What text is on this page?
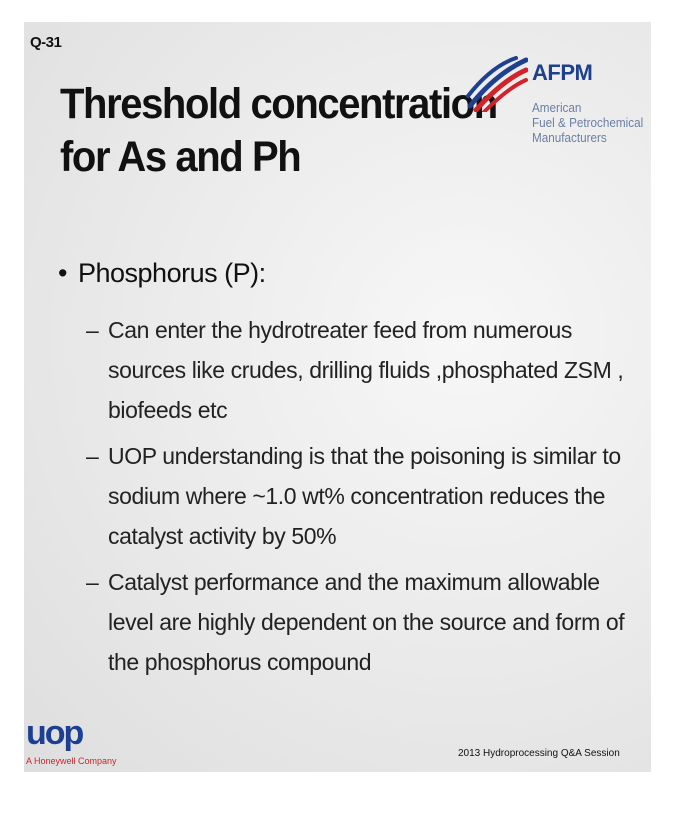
Q-31
Threshold concentration
for As and Ph
AFPM
American
Fuel & Petrochemical
Manufacturers
• Phosphorus (P):
– Can enter the hydrotreater feed from numerous sources like crudes, drilling fluids ,phosphated ZSM , biofeeds etc
– UOP understanding is that the poisoning is similar to sodium where ~1.0 wt% concentration reduces the catalyst activity by 50%
– Catalyst performance and the maximum allowable level are highly dependent on the source and form of the phosphorus compound
uop
A Honeywell Company
2013 Hydroprocessing Q&A Session
